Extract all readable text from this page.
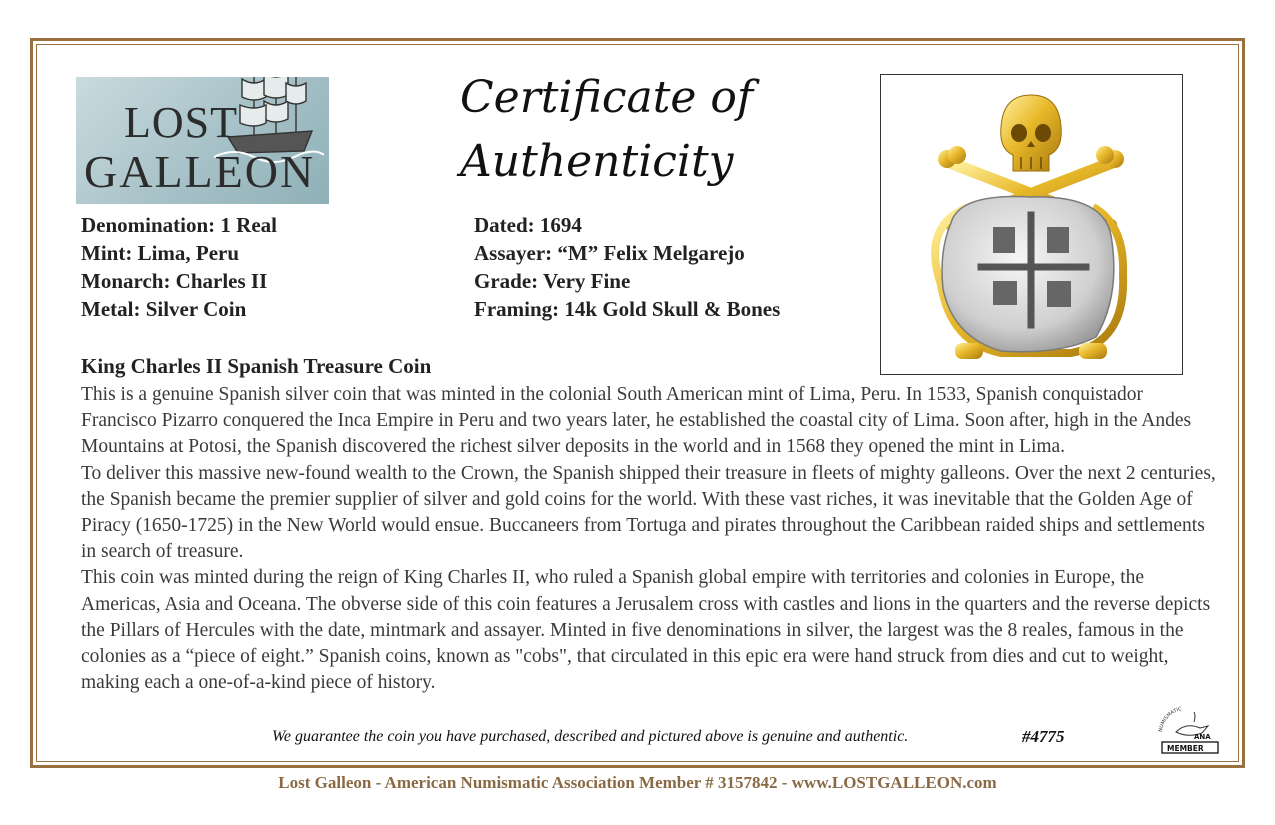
LOST
GALLEON
Certificate of
Authenticity
Denomination: 1 Real
Mint: Lima, Peru
Monarch: Charles II
Metal: Silver Coin
Dated: 1694
Assayer: “M” Felix Melgarejo
Grade: Very Fine
Framing: 14k Gold Skull & Bones
King Charles II Spanish Treasure Coin

This is a genuine Spanish silver coin that was minted in the colonial South American mint of Lima, Peru. In 1533, Spanish conquistador Francisco Pizarro conquered the Inca Empire in Peru and two years later, he established the coastal city of Lima. Soon after, high in the Andes Mountains at Potosi, the Spanish discovered the richest silver deposits in the world and in 1568 they opened the mint in Lima.

To deliver this massive new-found wealth to the Crown, the Spanish shipped their treasure in fleets of mighty galleons. Over the next 2 centuries, the Spanish became the premier supplier of silver and gold coins for the world. With these vast riches, it was inevitable that the Golden Age of Piracy (1650-1725) in the New World would ensue. Buccaneers from Tortuga and pirates throughout the Caribbean raided ships and settlements in search of treasure.

This coin was minted during the reign of King Charles II, who ruled a Spanish global empire with territories and colonies in Europe, the Americas, Asia and Oceana. The obverse side of this coin features a Jerusalem cross with castles and lions in the quarters and the reverse depicts the Pillars of Hercules with the date, mintmark and assayer. Minted in five denominations in silver, the largest was the 8 reales, famous in the colonies as a “piece of eight.” Spanish coins, known as "cobs", that circulated in this epic era were hand struck from dies and cut to weight, making each a one-of-a-kind piece of history.

We guarantee the coin you have purchased, described and pictured above is genuine and authentic.	#4775	NUMISMATIC
ANA
MEMBER
Lost Galleon - American Numismatic Association Member # 3157842 - www.LOSTGALLEON.com
